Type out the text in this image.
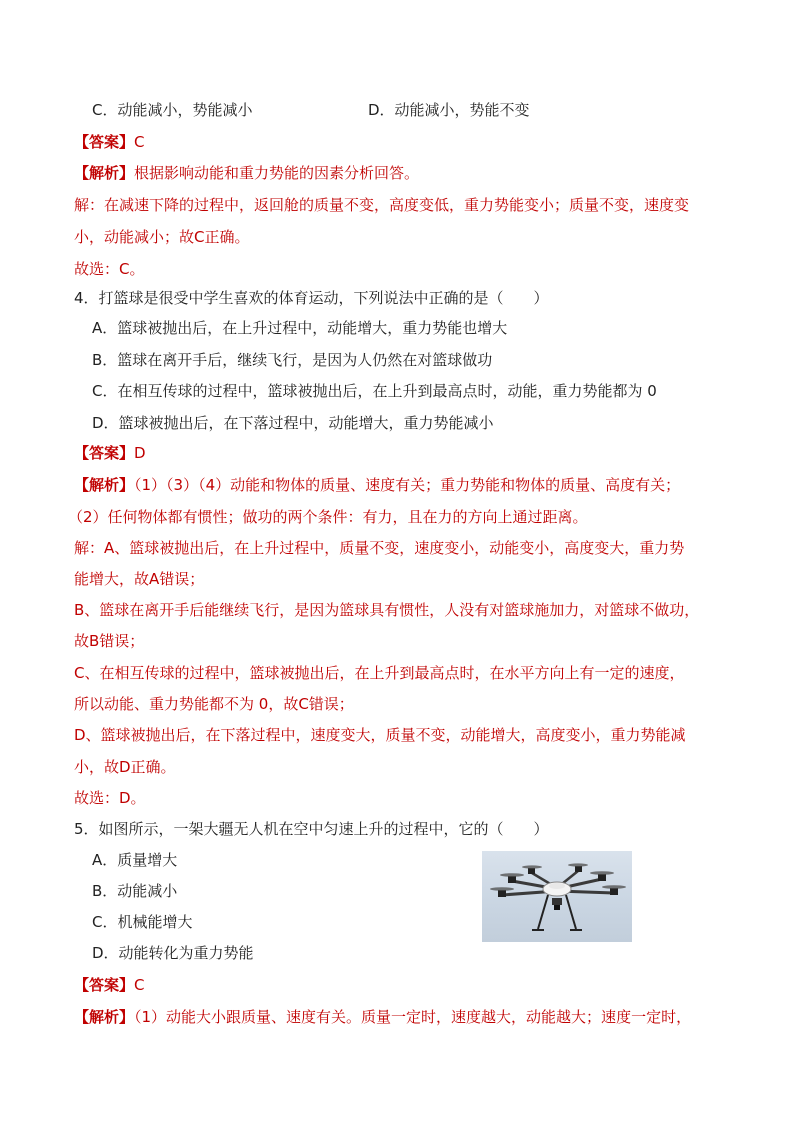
C．动能减小，势能减小	D．动能减小，势能不变
【答案】C
【解析】根据影响动能和重力势能的因素分析回答。
解：在减速下降的过程中，返回舱的质量不变，高度变低，重力势能变小；质量不变，速度变
小，动能减小；故C正确。
故选：C。
4．打篮球是很受中学生喜欢的体育运动，下列说法中正确的是（　　）
A．篮球被抛出后，在上升过程中，动能增大，重力势能也增大
B．篮球在离开手后，继续飞行，是因为人仍然在对篮球做功
C．在相互传球的过程中，篮球被抛出后，在上升到最高点时，动能，重力势能都为 0
D．篮球被抛出后，在下落过程中，动能增大，重力势能减小
【答案】D
【解析】（1）（3）（4）动能和物体的质量、速度有关；重力势能和物体的质量、高度有关；
（2）任何物体都有惯性；做功的两个条件：有力，且在力的方向上通过距离。
解：A、篮球被抛出后，在上升过程中，质量不变，速度变小，动能变小，高度变大，重力势
能增大，故A错误；
B、篮球在离开手后能继续飞行，是因为篮球具有惯性，人没有对篮球施加力，对篮球不做功，
故B错误；
C、在相互传球的过程中，篮球被抛出后，在上升到最高点时，在水平方向上有一定的速度，
所以动能、重力势能都不为 0，故C错误；
D、篮球被抛出后，在下落过程中，速度变大，质量不变，动能增大，高度变小，重力势能减
小，故D正确。
故选：D。
5．如图所示，一架大疆无人机在空中匀速上升的过程中，它的（　　）
A．质量增大
B．动能减小
C．机械能增大
D．动能转化为重力势能
【答案】C
【解析】（1）动能大小跟质量、速度有关。质量一定时，速度越大，动能越大；速度一定时，
